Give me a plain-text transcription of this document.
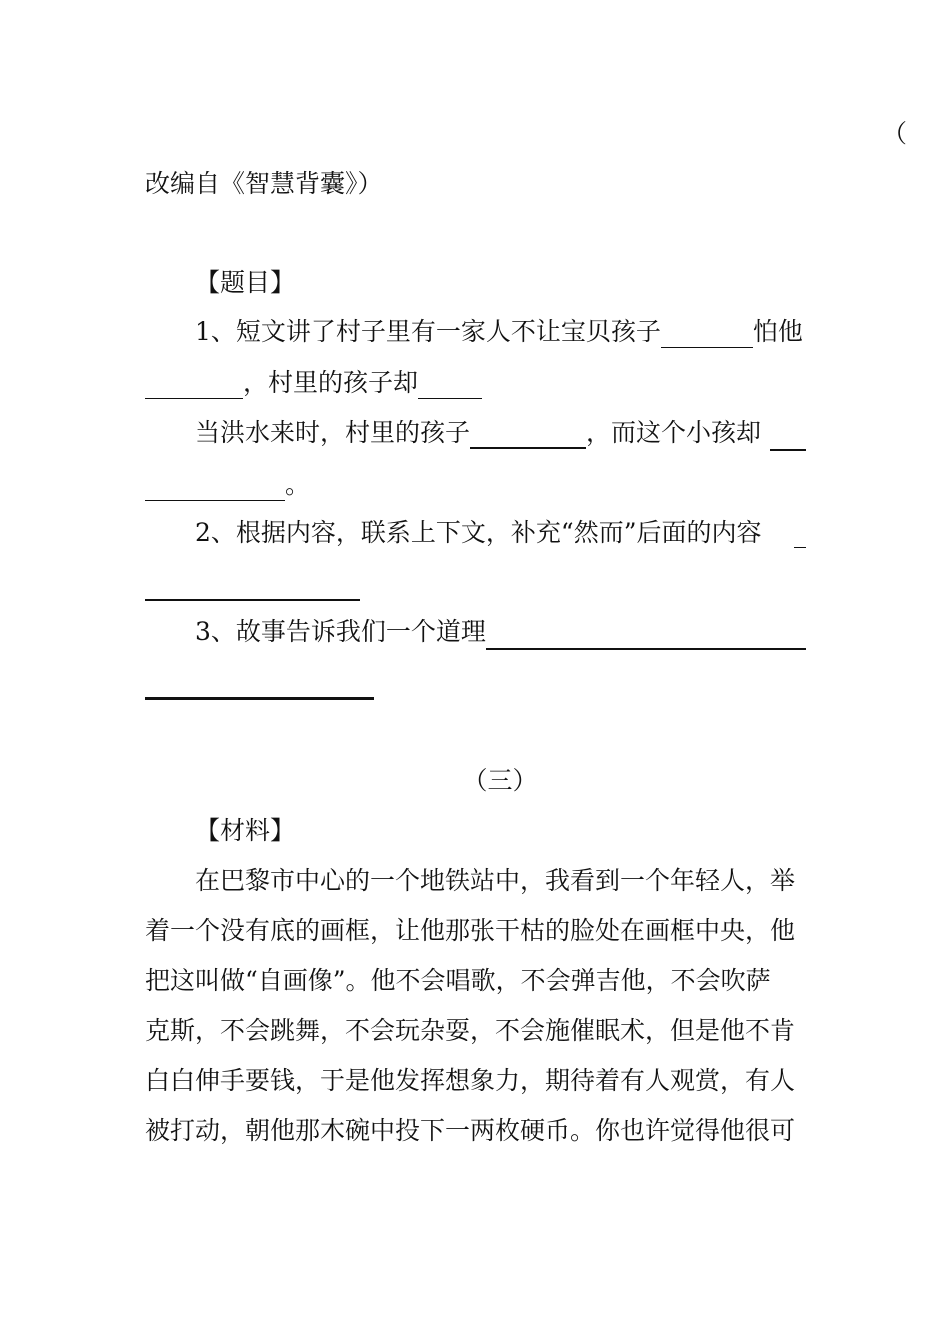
（
改编自《智慧背囊》）
【题目】
1、短文讲了村子里有一家人不让宝贝孩子	怕他
，村里的孩子却
当洪水来时，村里的孩子	，而这个小孩却
。
2、根据内容，联系上下文，补充“然而”后面的内容
3、故事告诉我们一个道理
（三）
【材料】
在巴黎市中心的一个地铁站中，我看到一个年轻人，举
着一个没有底的画框，让他那张干枯的脸处在画框中央，他
把这叫做“自画像”。他不会唱歌，不会弹吉他，不会吹萨
克斯，不会跳舞，不会玩杂耍，不会施催眠术，但是他不肯
白白伸手要钱，于是他发挥想象力，期待着有人观赏，有人
被打动，朝他那木碗中投下一两枚硬币。你也许觉得他很可
